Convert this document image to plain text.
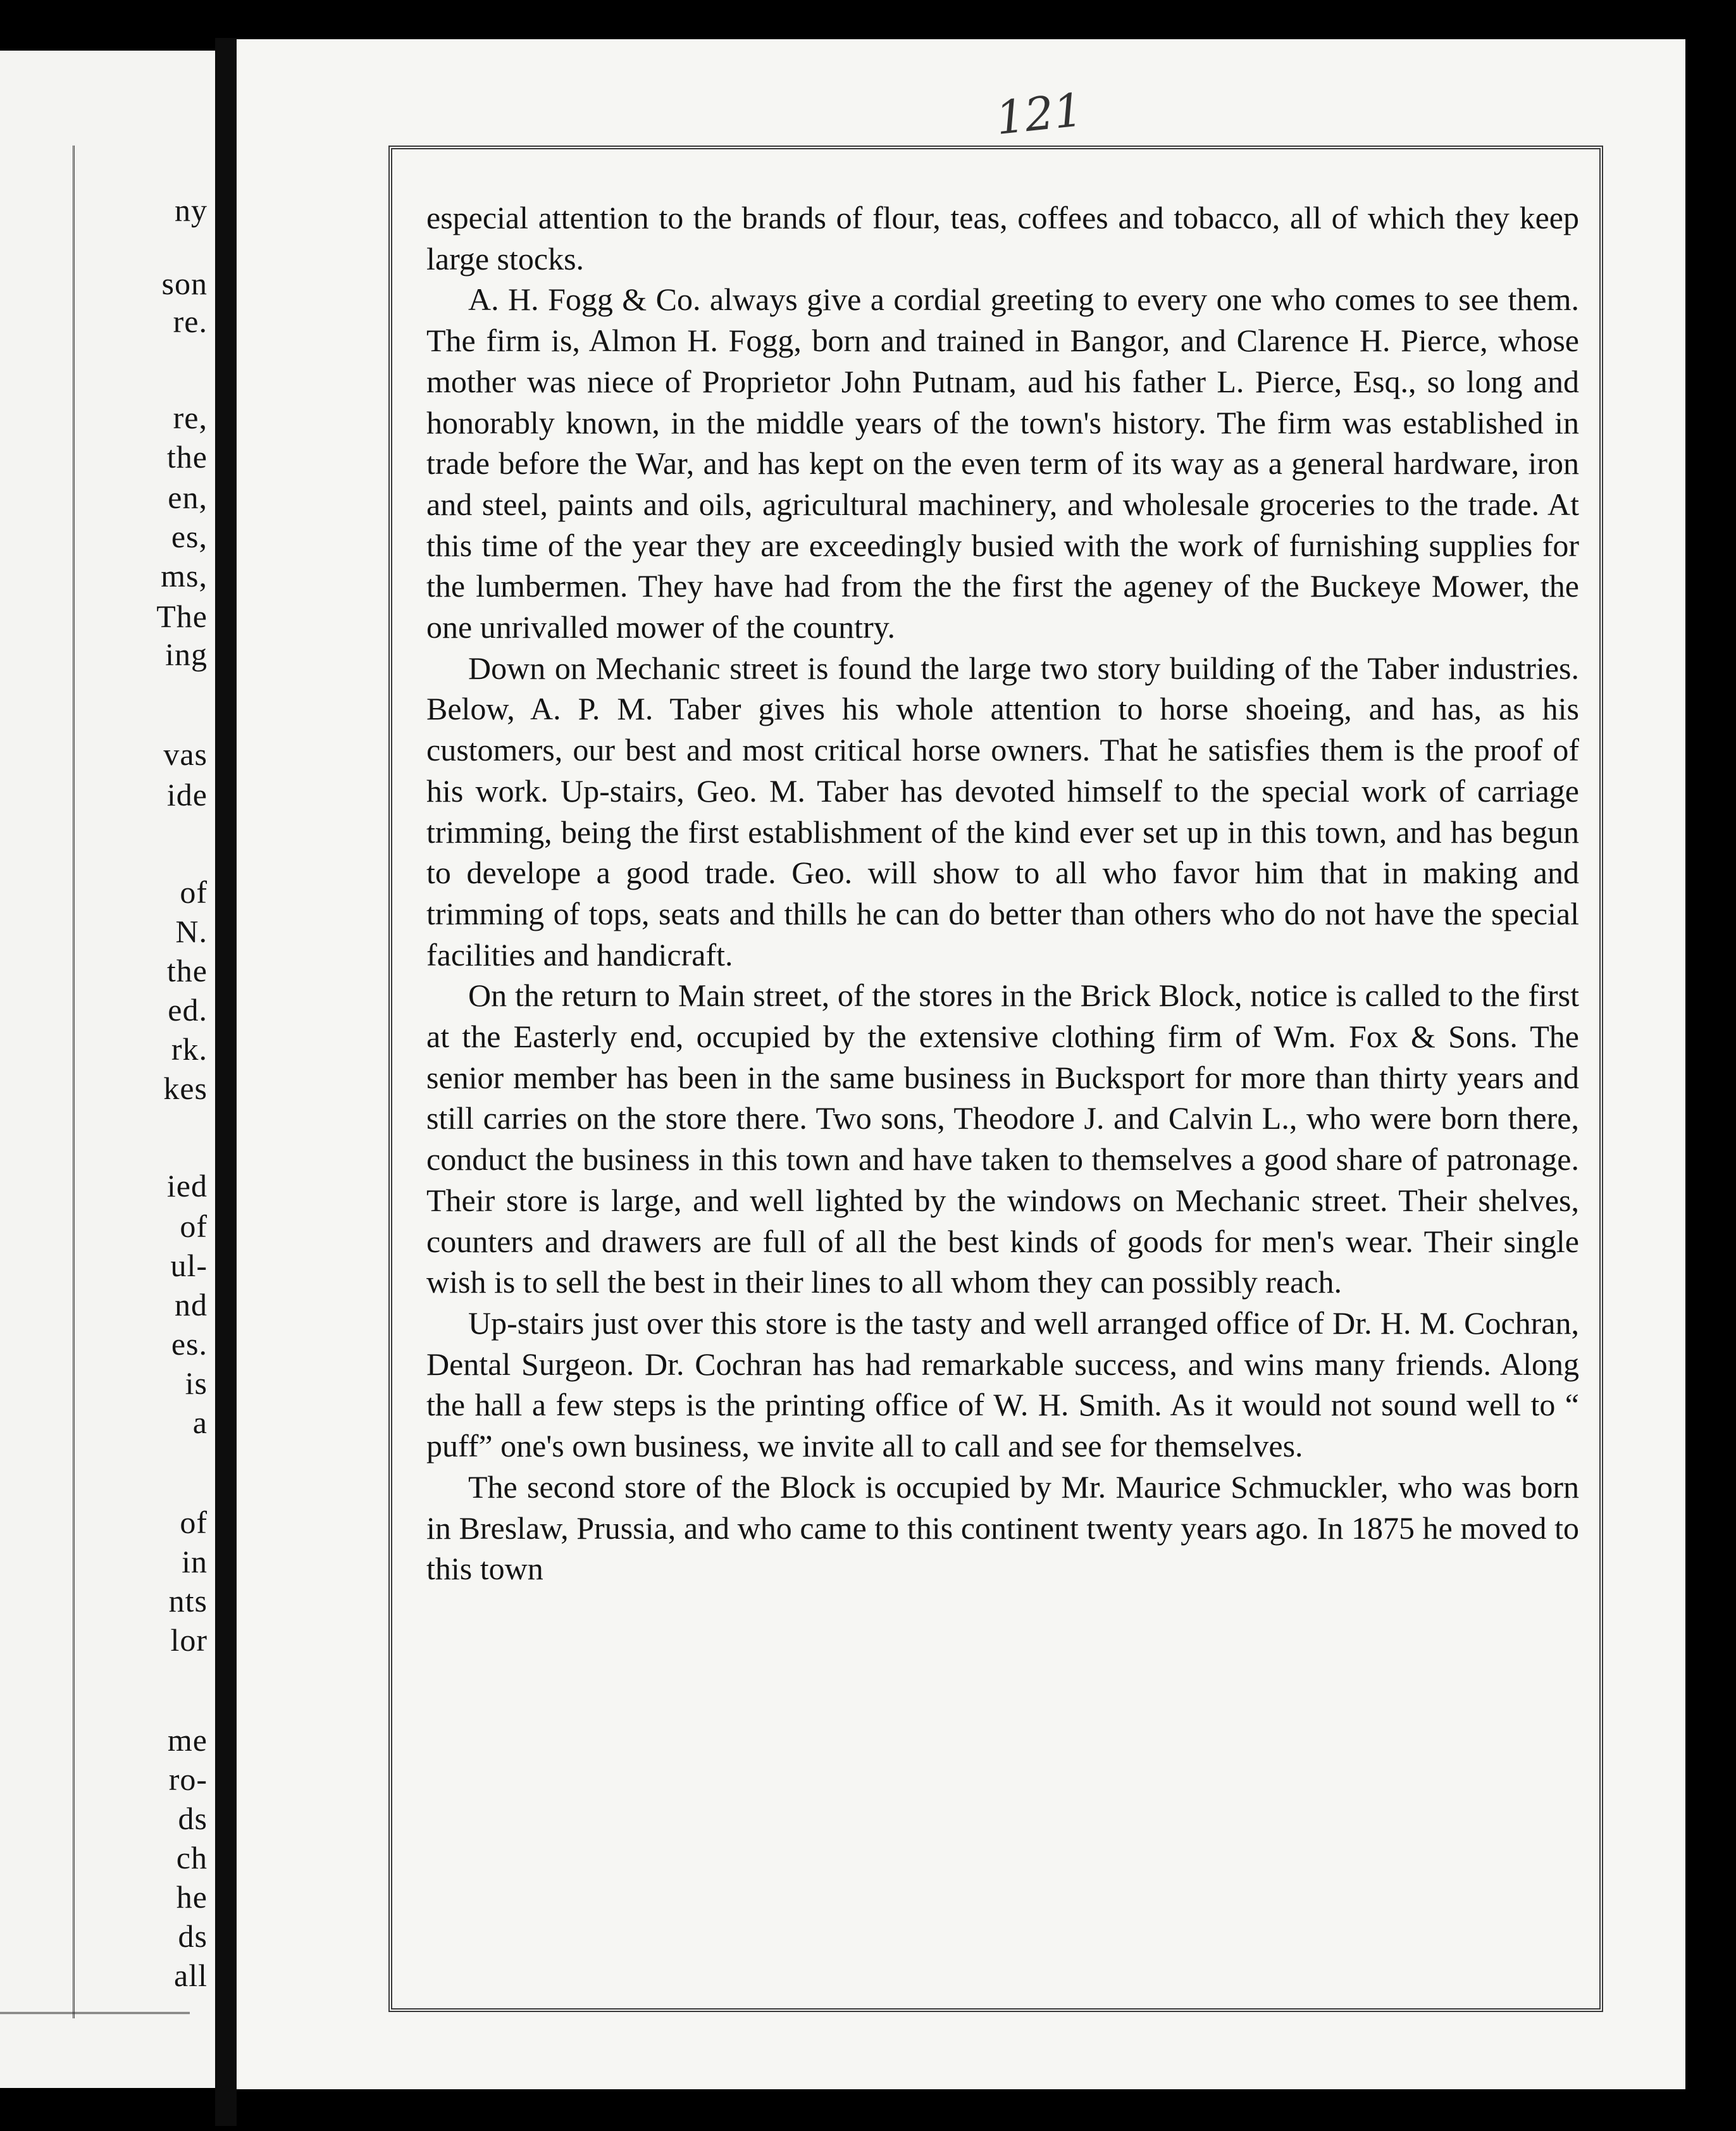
ny
son
re.
re,
the
en,
es,
ms,
The
ing
vas
ide
of
N.
the
ed.
rk.
kes
ied
of
ul-
nd
es.
is
a
of
in
nts
lor
me
ro-
ds
ch
he
ds
all
121

especial attention to the brands of flour, teas, coffees and tobacco, all of which they keep large stocks.

A. H. Fogg & Co. always give a cordial greeting to every one who comes to see them. The firm is, Almon H. Fogg, born and trained in Bangor, and Clarence H. Pierce, whose mother was niece of Proprietor John Putnam, aud his father L. Pierce, Esq., so long and honorably known, in the middle years of the town's history. The firm was established in trade before the War, and has kept on the even term of its way as a general hardware, iron and steel, paints and oils, agricultural machinery, and wholesale groceries to the trade. At this time of the year they are exceedingly busied with the work of furnishing supplies for the lumbermen. They have had from the the first the ageney of the Buckeye Mower, the one unrivalled mower of the country.

Down on Mechanic street is found the large two story building of the Taber industries. Below, A. P. M. Taber gives his whole attention to horse shoeing, and has, as his customers, our best and most critical horse owners. That he satisfies them is the proof of his work. Up-stairs, Geo. M. Taber has devoted himself to the special work of carriage trimming, being the first establishment of the kind ever set up in this town, and has begun to develope a good trade. Geo. will show to all who favor him that in making and trimming of tops, seats and thills he can do better than others who do not have the special facilities and handicraft.

On the return to Main street, of the stores in the Brick Block, notice is called to the first at the Easterly end, occupied by the extensive clothing firm of Wm. Fox & Sons. The senior member has been in the same business in Bucksport for more than thirty years and still carries on the store there. Two sons, Theodore J. and Calvin L., who were born there, conduct the business in this town and have taken to themselves a good share of patronage. Their store is large, and well lighted by the windows on Mechanic street. Their shelves, counters and drawers are full of all the best kinds of goods for men's wear. Their single wish is to sell the best in their lines to all whom they can possibly reach.

Up-stairs just over this store is the tasty and well arranged office of Dr. H. M. Cochran, Dental Surgeon. Dr. Cochran has had remarkable success, and wins many friends. Along the hall a few steps is the printing office of W. H. Smith. As it would not sound well to “ puff” one's own business, we invite all to call and see for themselves.

The second store of the Block is occupied by Mr. Maurice Schmuckler, who was born in Breslaw, Prussia, and who came to this continent twenty years ago. In 1875 he moved to this town
